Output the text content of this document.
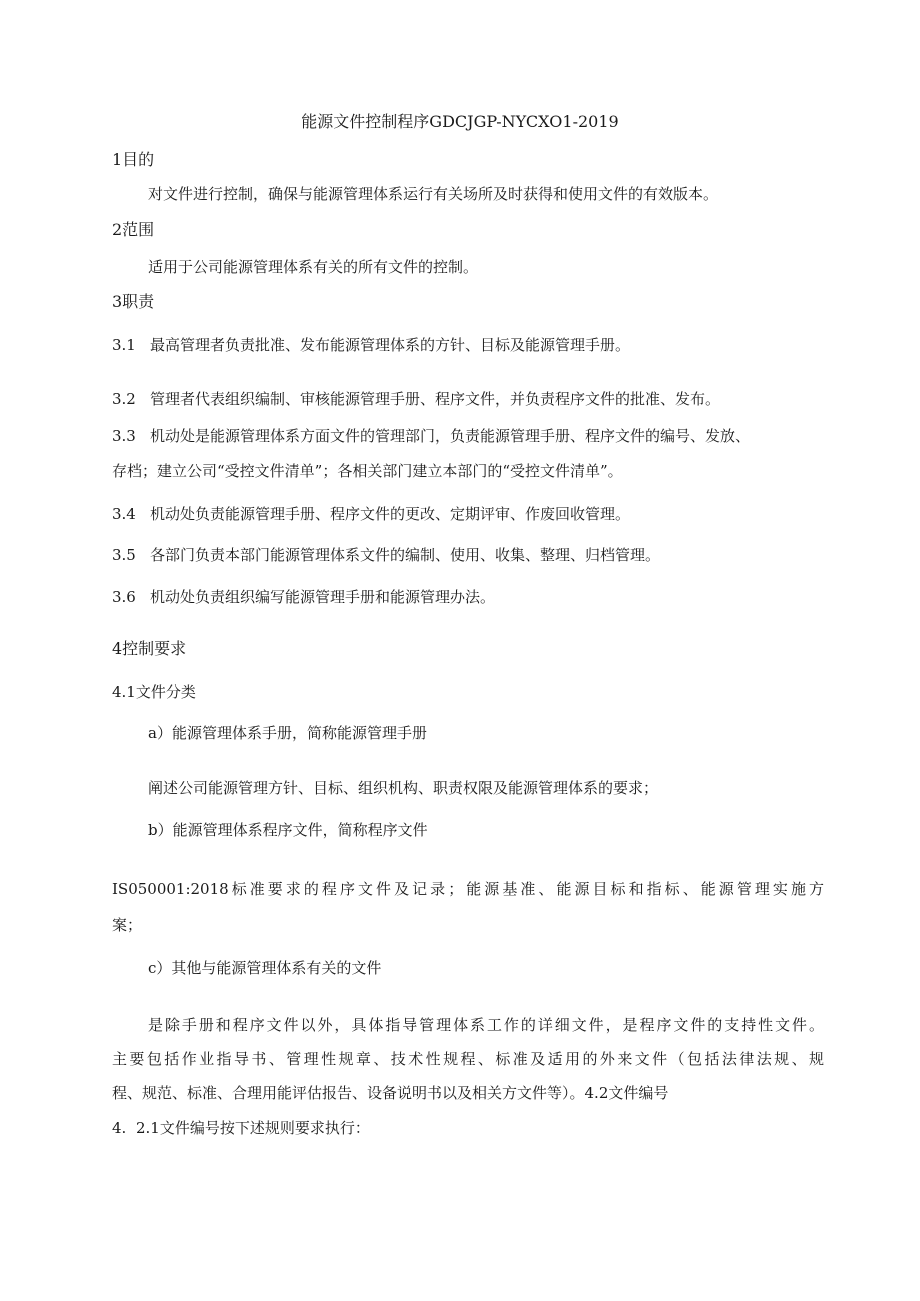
能源文件控制程序GDCJGP-NYCXO1-2019
1目的
对文件进行控制，确保与能源管理体系运行有关场所及时获得和使用文件的有效版本。
2范围
适用于公司能源管理体系有关的所有文件的控制。
3职责
3.1 最高管理者负责批准、发布能源管理体系的方针、目标及能源管理手册。
3.2 管理者代表组织编制、审核能源管理手册、程序文件，并负责程序文件的批准、发布。
3.3 机动处是能源管理体系方面文件的管理部门，负责能源管理手册、程序文件的编号、发放、
存档；建立公司“受控文件清单”；各相关部门建立本部门的“受控文件清单”。
3.4 机动处负责能源管理手册、程序文件的更改、定期评审、作废回收管理。
3.5 各部门负责本部门能源管理体系文件的编制、使用、收集、整理、归档管理。
3.6 机动处负责组织编写能源管理手册和能源管理办法。
4控制要求
4.1文件分类
a）能源管理体系手册，简称能源管理手册
阐述公司能源管理方针、目标、组织机构、职责权限及能源管理体系的要求；
b）能源管理体系程序文件，简称程序文件
IS050001:2018标准要求的程序文件及记录；能源基准、能源目标和指标、能源管理实施方
案；
c）其他与能源管理体系有关的文件
是除手册和程序文件以外，具体指导管理体系工作的详细文件，是程序文件的支持性文件。
主要包括作业指导书、管理性规章、技术性规程、标准及适用的外来文件（包括法律法规、规
程、规范、标准、合理用能评估报告、设备说明书以及相关方文件等）。4.2文件编号
4. 2.1文件编号按下述规则要求执行：
